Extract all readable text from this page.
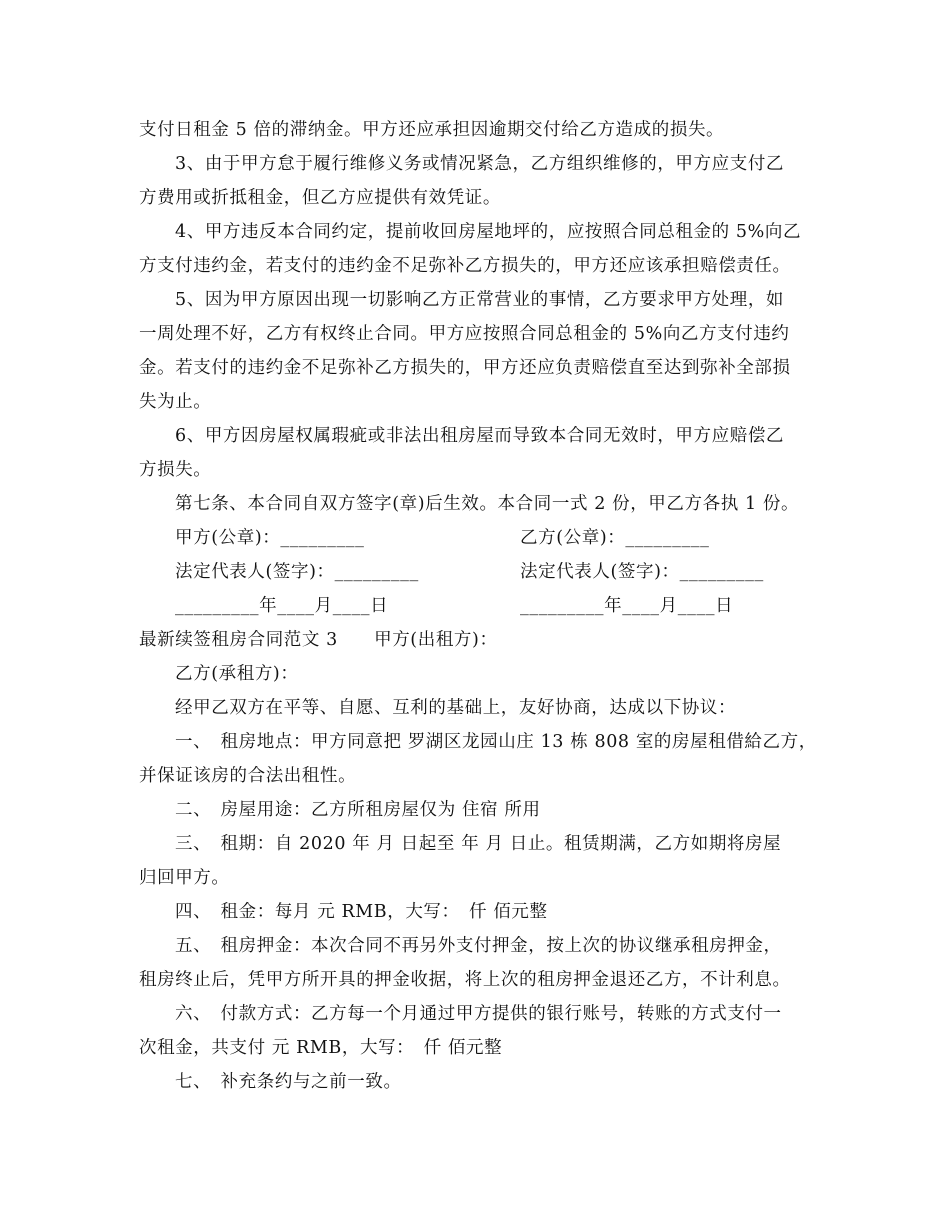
支付日租金 5 倍的滞纳金。甲方还应承担因逾期交付给乙方造成的损失。
3、由于甲方怠于履行维修义务或情况紧急，乙方组织维修的，甲方应支付乙
方费用或折抵租金，但乙方应提供有效凭证。
4、甲方违反本合同约定，提前收回房屋地坪的，应按照合同总租金的 5%向乙
方支付违约金，若支付的违约金不足弥补乙方损失的，甲方还应该承担赔偿责任。
5、因为甲方原因出现一切影响乙方正常营业的事情，乙方要求甲方处理，如
一周处理不好，乙方有权终止合同。甲方应按照合同总租金的 5%向乙方支付违约
金。若支付的违约金不足弥补乙方损失的，甲方还应负责赔偿直至达到弥补全部损
失为止。
6、甲方因房屋权属瑕疵或非法出租房屋而导致本合同无效时，甲方应赔偿乙
方损失。
第七条、本合同自双方签字(章)后生效。本合同一式 2 份，甲乙方各执 1 份。
甲方(公章)：_________	乙方(公章)：_________
法定代表人(签字)：_________	法定代表人(签字)：_________
_________年____月____日	_________年____月____日
最新续签租房合同范文 3　　甲方(出租方)：
乙方(承租方)：
经甲乙双方在平等、自愿、互利的基础上，友好协商，达成以下协议：
一、　租房地点：甲方同意把 罗湖区龙园山庄 13 栋 808 室的房屋租借給乙方，
并保证该房的合法出租性。
二、　房屋用途：乙方所租房屋仅为 住宿 所用
三、　租期：自 2020 年 月 日起至 年 月 日止。租赁期满，乙方如期将房屋
归回甲方。
四、　租金：每月 元 RMB，大写：　仟 佰元整
五、　租房押金：本次合同不再另外支付押金，按上次的协议继承租房押金，
租房终止后，凭甲方所开具的押金收据，将上次的租房押金退还乙方，不计利息。
六、　付款方式：乙方每一个月通过甲方提供的银行账号，转账的方式支付一
次租金，共支付 元 RMB，大写：　仟 佰元整
七、　补充条约与之前一致。
